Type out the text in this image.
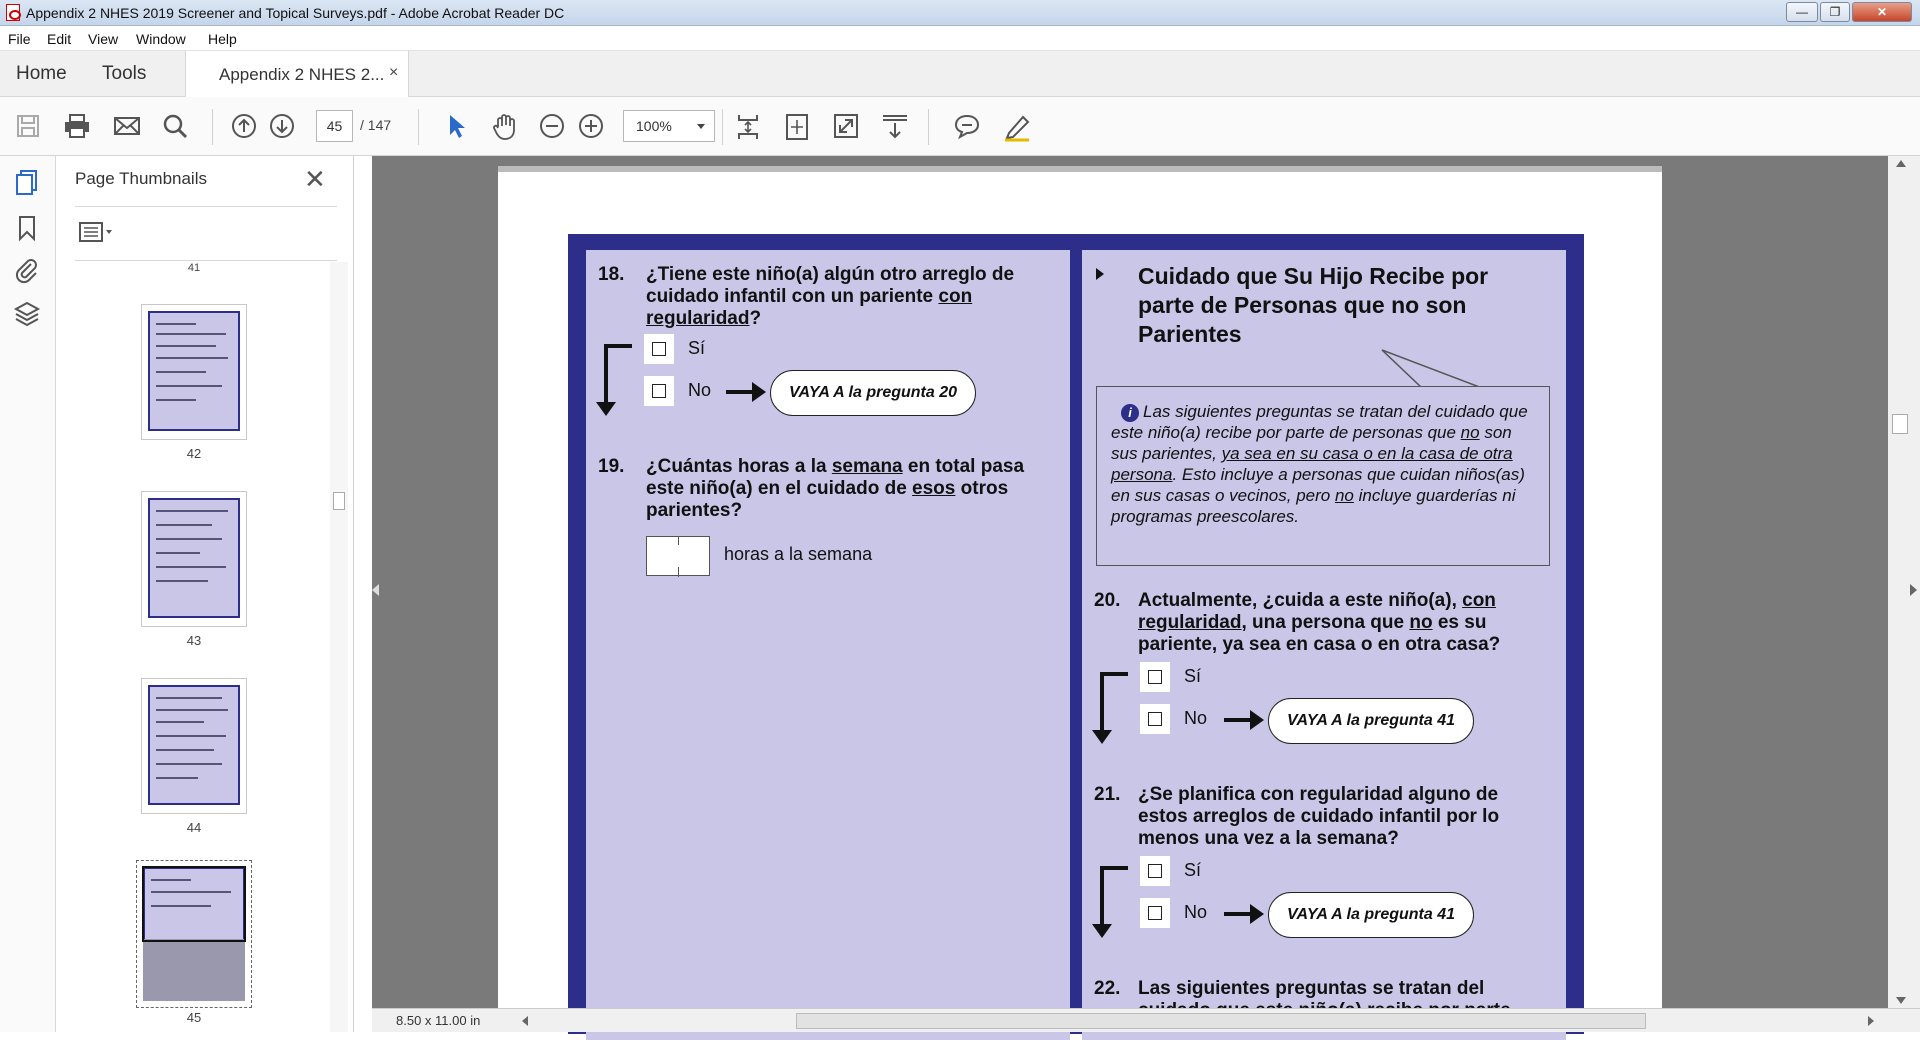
Appendix 2 NHES 2019 Screener and Topical Surveys.pdf - Adobe Acrobat Reader DC	—	❐	✕
File Edit View Window Help
Home Tools	Appendix 2 NHES 2... ×
45	/ 147	100%
Page Thumbnails	✕
41
42
43
44
45
18. ¿Tiene este niño(a) algún otro arreglo de cuidado infantil con un pariente con regularidad?
Sí
No	VAYA A la pregunta 20
19. ¿Cuántas horas a la semana en total pasa este niño(a) en el cuidado de esos otros parientes?
horas a la semana
Cuidado que Su Hijo Recibe por parte de Personas que no son Parientes
i Las siguientes preguntas se tratan del cuidado que este niño(a) recibe por parte de personas que no son sus parientes, ya sea en su casa o en la casa de otra persona. Esto incluye a personas que cuidan niños(as) en sus casas o vecinos, pero no incluye guarderías ni programas preescolares.
20. Actualmente, ¿cuida a este niño(a), con regularidad, una persona que no es su pariente, ya sea en casa o en otra casa?
Sí
No	VAYA A la pregunta 41
21. ¿Se planifica con regularidad alguno de estos arreglos de cuidado infantil por lo menos una vez a la semana?
Sí
No	VAYA A la pregunta 41
22. Las siguientes preguntas se tratan del
8.50 x 11.00 in
